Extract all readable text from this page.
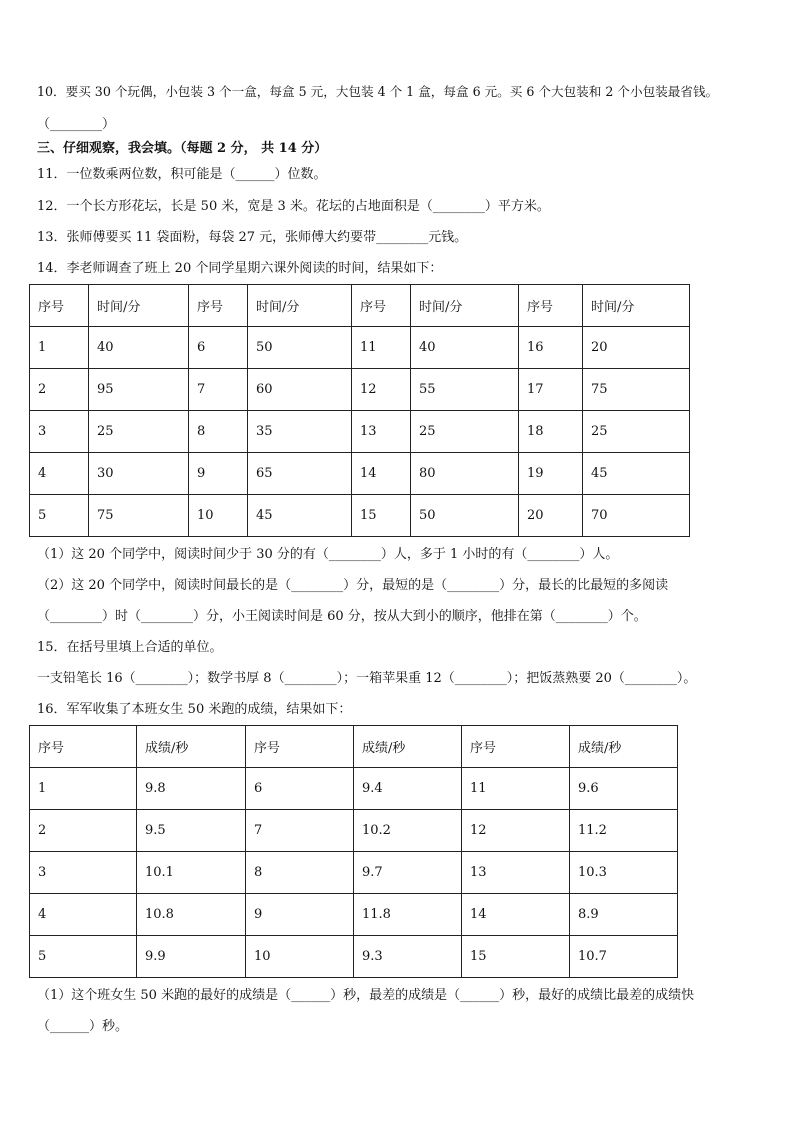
10．要买 30 个玩偶，小包装 3 个一盒，每盒 5 元，大包装 4 个 1 盒，每盒 6 元。买 6 个大包装和 2 个小包装最省钱。
（________）
三、仔细观察，我会填。（每题 2 分， 共 14 分）
11．一位数乘两位数，积可能是（______）位数。
12．一个长方形花坛，长是 50 米，宽是 3 米。花坛的占地面积是（________）平方米。
13．张师傅要买 11 袋面粉，每袋 27 元，张师傅大约要带________元钱。
14．李老师调查了班上 20 个同学星期六课外阅读的时间，结果如下：
序号	时间/分	序号	时间/分	序号	时间/分	序号	时间/分
1	40	6	50	11	40	16	20
2	95	7	60	12	55	17	75
3	25	8	35	13	25	18	25
4	30	9	65	14	80	19	45
5	75	10	45	15	50	20	70
（1）这 20 个同学中，阅读时间少于 30 分的有（________）人，多于 1 小时的有（________）人。
（2）这 20 个同学中，阅读时间最长的是（________）分，最短的是（________）分，最长的比最短的多阅读
（________）时（________）分，小王阅读时间是 60 分，按从大到小的顺序，他排在第（________）个。
15．在括号里填上合适的单位。
一支铅笔长 16（________）；数学书厚 8（________）；一箱苹果重 12（________）；把饭蒸熟要 20（________）。
16．军军收集了本班女生 50 米跑的成绩，结果如下：
序号	成绩/秒	序号	成绩/秒	序号	成绩/秒
1	9.8	6	9.4	11	9.6
2	9.5	7	10.2	12	11.2
3	10.1	8	9.7	13	10.3
4	10.8	9	11.8	14	8.9
5	9.9	10	9.3	15	10.7
（1）这个班女生 50 米跑的最好的成绩是（______）秒，最差的成绩是（______）秒，最好的成绩比最差的成绩快
（______）秒。
